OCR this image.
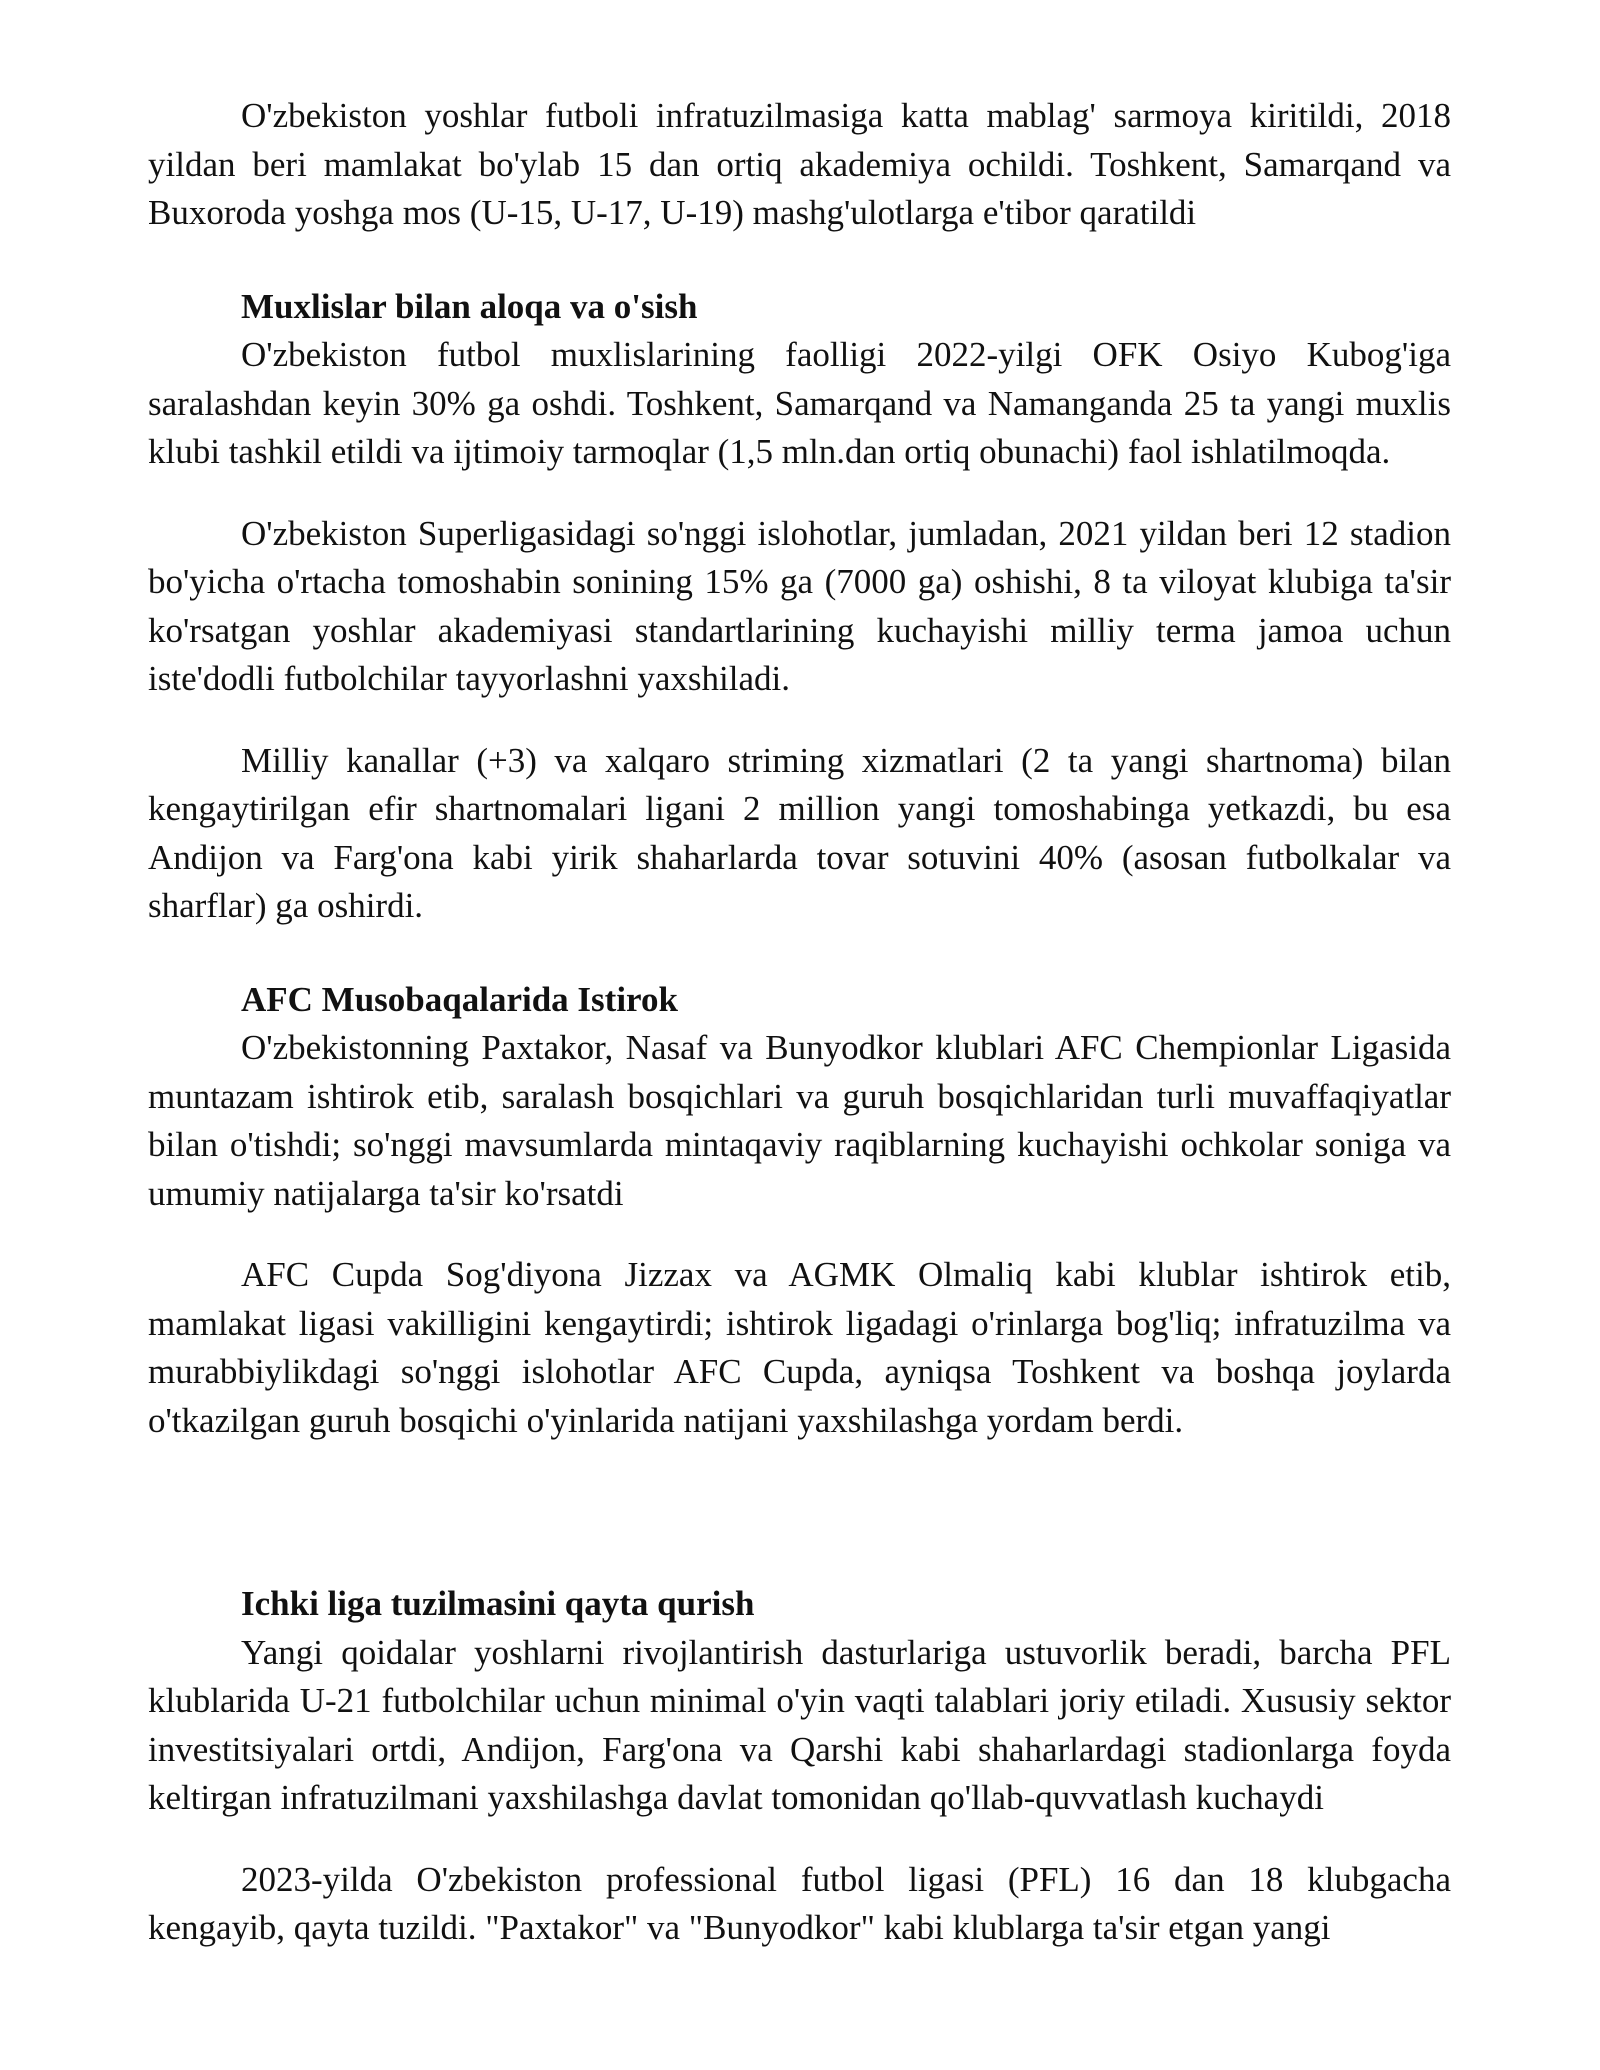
O'zbekiston yoshlar futboli infratuzilmasiga katta mablag' sarmoya kiritildi, 2018 yildan beri mamlakat bo'ylab 15 dan ortiq akademiya ochildi. Toshkent, Samarqand va Buxoroda yoshga mos (U-15, U-17, U-19) mashg'ulotlarga e'tibor qaratildi

Muxlislar bilan aloqa va o'sish

O'zbekiston futbol muxlislarining faolligi 2022-yilgi OFK Osiyo Kubog'iga saralashdan keyin 30% ga oshdi. Toshkent, Samarqand va Namanganda 25 ta yangi muxlis klubi tashkil etildi va ijtimoiy tarmoqlar (1,5 mln.dan ortiq obunachi) faol ishlatilmoqda.

O'zbekiston Superligasidagi so'nggi islohotlar, jumladan, 2021 yildan beri 12 stadion bo'yicha o'rtacha tomoshabin sonining 15% ga (7000 ga) oshishi, 8 ta viloyat klubiga ta'sir ko'rsatgan yoshlar akademiyasi standartlarining kuchayishi milliy terma jamoa uchun iste'dodli futbolchilar tayyorlashni yaxshiladi.

Milliy kanallar (+3) va xalqaro striming xizmatlari (2 ta yangi shartnoma) bilan kengaytirilgan efir shartnomalari ligani 2 million yangi tomoshabinga yetkazdi, bu esa Andijon va Farg'ona kabi yirik shaharlarda tovar sotuvini 40% (asosan futbolkalar va sharflar) ga oshirdi.

AFC Musobaqalarida Istirok

O'zbekistonning Paxtakor, Nasaf va Bunyodkor klublari AFC Chempionlar Ligasida muntazam ishtirok etib, saralash bosqichlari va guruh bosqichlaridan turli muvaffaqiyatlar bilan o'tishdi; so'nggi mavsumlarda mintaqaviy raqiblarning kuchayishi ochkolar soniga va umumiy natijalarga ta'sir ko'rsatdi

AFC Cupda Sog'diyona Jizzax va AGMK Olmaliq kabi klublar ishtirok etib, mamlakat ligasi vakilligini kengaytirdi; ishtirok ligadagi o'rinlarga bog'liq; infratuzilma va murabbiylikdagi so'nggi islohotlar AFC Cupda, ayniqsa Toshkent va boshqa joylarda o'tkazilgan guruh bosqichi o'yinlarida natijani yaxshilashga yordam berdi.

Ichki liga tuzilmasini qayta qurish

Yangi qoidalar yoshlarni rivojlantirish dasturlariga ustuvorlik beradi, barcha PFL klublarida U-21 futbolchilar uchun minimal o'yin vaqti talablari joriy etiladi. Xususiy sektor investitsiyalari ortdi, Andijon, Farg'ona va Qarshi kabi shaharlardagi stadionlarga foyda keltirgan infratuzilmani yaxshilashga davlat tomonidan qo'llab-quvvatlash kuchaydi

2023-yilda O'zbekiston professional futbol ligasi (PFL) 16 dan 18 klubgacha kengayib, qayta tuzildi. "Paxtakor" va "Bunyodkor" kabi klublarga ta'sir etgan yangi
